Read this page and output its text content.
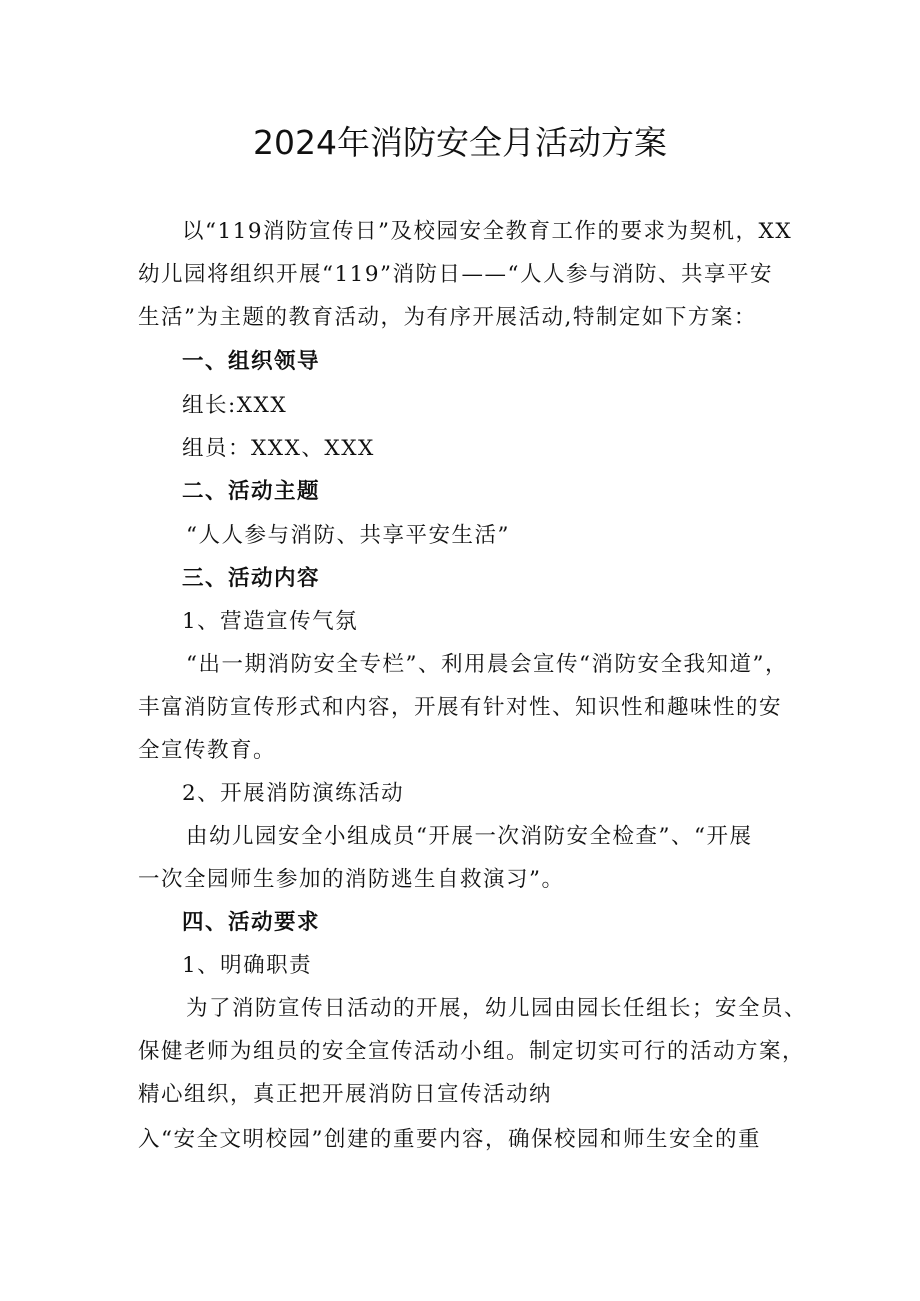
2024年消防安全月活动方案
以“119消防宣传日”及校园安全教育工作的要求为契机，XX
幼儿园将组织开展“119”消防日——“人人参与消防、共享平安
生活”为主题的教育活动，为有序开展活动,特制定如下方案：
一、组织领导
组长:XXX
组员：XXX、XXX
二、活动主题
“人人参与消防、共享平安生活”
三、活动内容
1、营造宣传气氛
“出一期消防安全专栏”、利用晨会宣传“消防安全我知道”，
丰富消防宣传形式和内容，开展有针对性、知识性和趣味性的安
全宣传教育。
2、开展消防演练活动
由幼儿园安全小组成员“开展一次消防安全检查”、“开展
一次全园师生参加的消防逃生自救演习”。
四、活动要求
1、明确职责
为了消防宣传日活动的开展，幼儿园由园长任组长；安全员、
保健老师为组员的安全宣传活动小组。制定切实可行的活动方案，
精心组织，真正把开展消防日宣传活动纳
入“安全文明校园”创建的重要内容，确保校园和师生安全的重
